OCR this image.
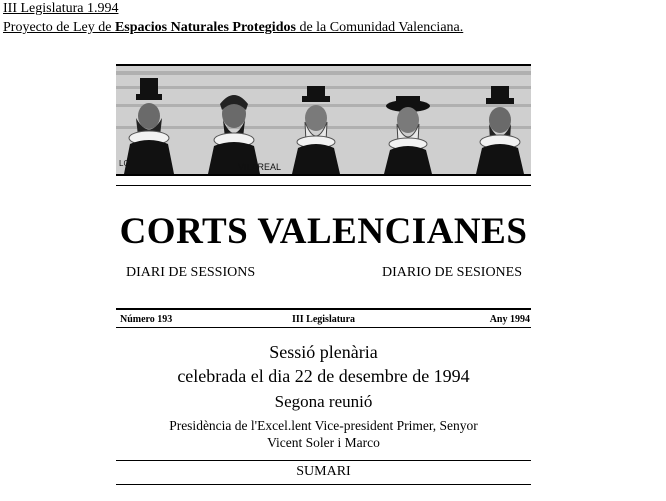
III Legislatura 1.994
Proyecto de Ley de Espacios Naturales Protegidos de la Comunidad Valenciana.
LO	VILAREAL
CORTS VALENCIANES
DIARI DE SESSIONS	DIARIO DE SESIONES
Número 193	III Legislatura	Any 1994
Sessió plenària
celebrada el dia 22 de desembre de 1994
Segona reunió
Presidència de l'Excel.lent Vice-president Primer, Senyor
Vicent Soler i Marco
SUMARI
